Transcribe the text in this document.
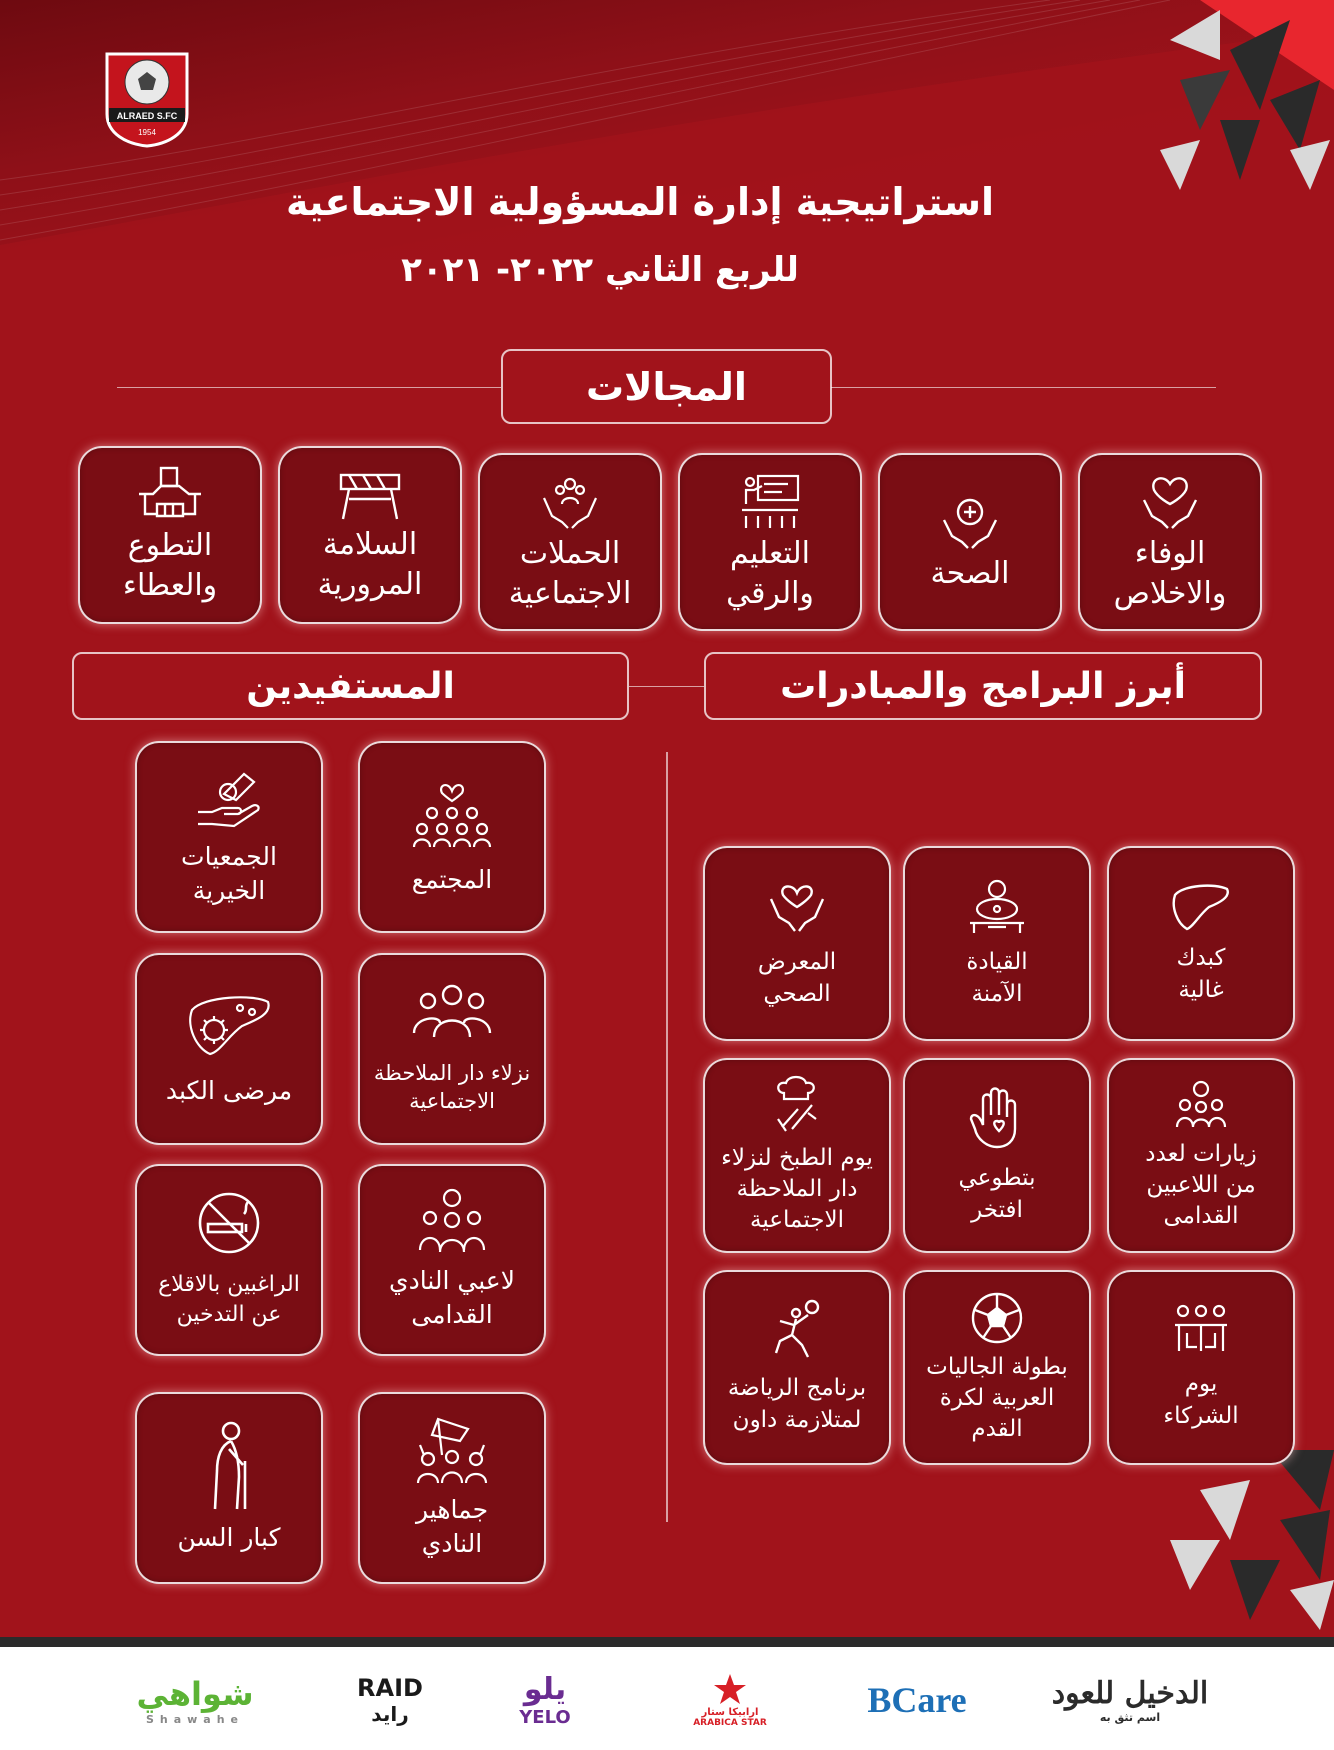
ALRAED S.FC
1954
استراتيجية إدارة المسؤولية الاجتماعية
للربع الثاني ٢٠٢٢- ٢٠٢١
المجالات
الوفاء
والاخلاص
الصحة
التعليم
والرقي
الحملات
الاجتماعية
السلامة
المرورية
التطوع
والعطاء
أبرز البرامج والمبادرات
المستفيدين
كبدك
غالية
القيادة
الآمنة
المعرض
الصحي
زيارات لعدد
من اللاعبين
القدامى
بتطوعي
افتخر
يوم الطبخ لنزلاء
دار الملاحظة
الاجتماعية
يوم
الشركاء
بطولة الجاليات
العربية لكرة
القدم
برنامج الرياضة
لمتلازمة داون
المجتمع
الجمعيات
الخيرية
نزلاء دار الملاحظة
الاجتماعية
مرضى الكبد
لاعبي النادي
القدامى
الراغبين بالاقلاع
عن التدخين
جماهير
النادي
كبار السن
الدخيل للعود
اسم تثق به
BCare
ارابيكا ستار
ARABICA STAR
يلو
YELO
RAID
رايد
شواهي
Shawahe
